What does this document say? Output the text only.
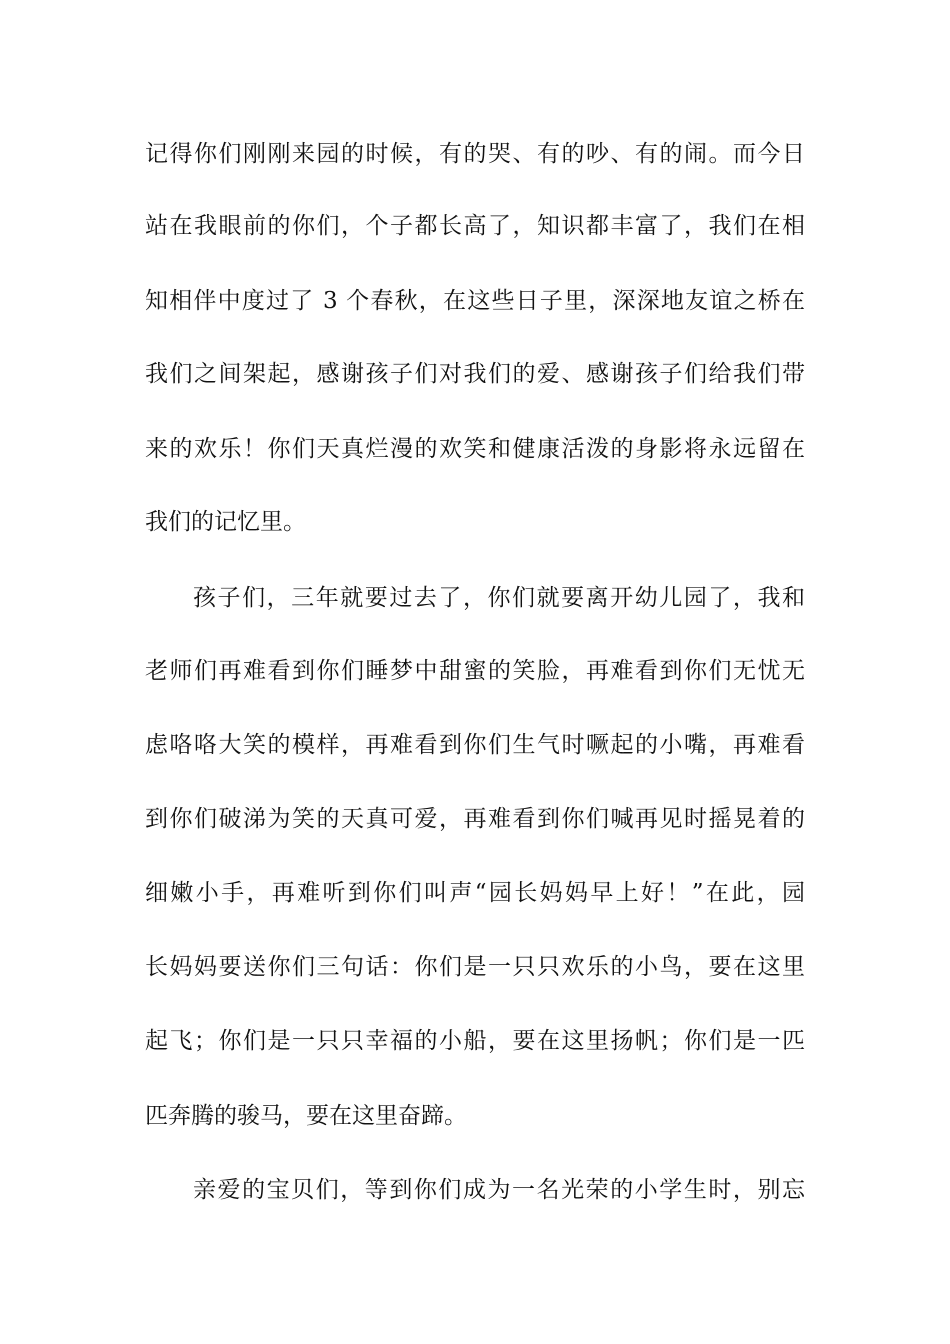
记得你们刚刚来园的时候，有的哭、有的吵、有的闹。而今日
站在我眼前的你们，个子都长高了，知识都丰富了，我们在相
知相伴中度过了 3 个春秋，在这些日子里，深深地友谊之桥在
我们之间架起，感谢孩子们对我们的爱、感谢孩子们给我们带
来的欢乐！你们天真烂漫的欢笑和健康活泼的身影将永远留在
我们的记忆里。
孩子们，三年就要过去了，你们就要离开幼儿园了，我和
老师们再难看到你们睡梦中甜蜜的笑脸，再难看到你们无忧无
虑咯咯大笑的模样，再难看到你们生气时噘起的小嘴，再难看
到你们破涕为笑的天真可爱，再难看到你们喊再见时摇晃着的
细嫩小手，再难听到你们叫声“园长妈妈早上好！”在此，园
长妈妈要送你们三句话：你们是一只只欢乐的小鸟，要在这里
起飞；你们是一只只幸福的小船，要在这里扬帆；你们是一匹
匹奔腾的骏马，要在这里奋蹄。
亲爱的宝贝们，等到你们成为一名光荣的小学生时，别忘
